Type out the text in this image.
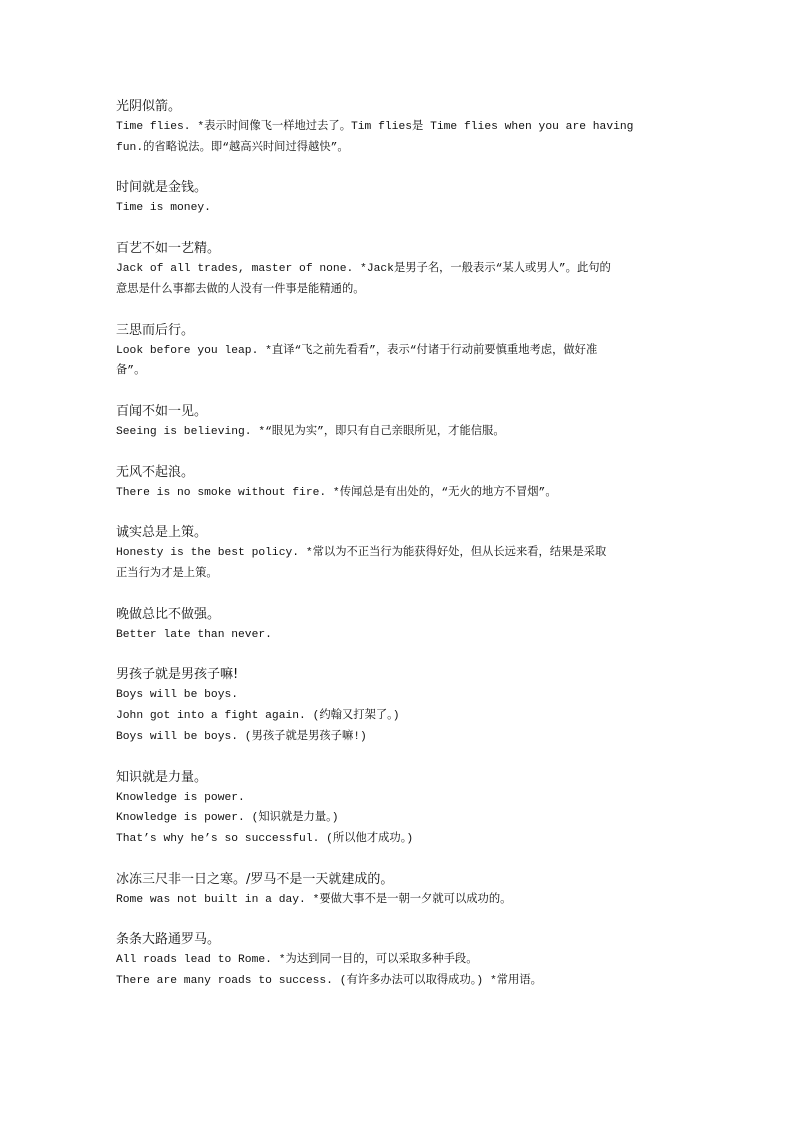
光阴似箭。

Time flies. *表示时间像飞一样地过去了。Tim flies是 Time flies when you are having

fun.的省略说法。即“越高兴时间过得越快”。

时间就是金钱。

Time is money.

百艺不如一艺精。

Jack of all trades, master of none. *Jack是男子名，一般表示“某人或男人”。此句的

意思是什么事都去做的人没有一件事是能精通的。

三思而后行。

Look before you leap. *直译“飞之前先看看”，表示“付诸于行动前要慎重地考虑，做好准

备”。

百闻不如一见。

Seeing is believing. *“眼见为实”，即只有自己亲眼所见，才能信服。

无风不起浪。

There is no smoke without fire. *传闻总是有出处的，“无火的地方不冒烟”。

诚实总是上策。

Honesty is the best policy. *常以为不正当行为能获得好处，但从长远来看，结果是采取

正当行为才是上策。

晚做总比不做强。

Better late than never.

男孩子就是男孩子嘛!

Boys will be boys.

John got into a fight again. (约翰又打架了。)

Boys will be boys. (男孩子就是男孩子嘛!)

知识就是力量。

Knowledge is power.

Knowledge is power. (知识就是力量。)

That’s why he’s so successful. (所以他才成功。)

冰冻三尺非一日之寒。/罗马不是一天就建成的。

Rome was not built in a day. *要做大事不是一朝一夕就可以成功的。

条条大路通罗马。

All roads lead to Rome. *为达到同一目的，可以采取多种手段。

There are many roads to success. (有许多办法可以取得成功。) *常用语。
